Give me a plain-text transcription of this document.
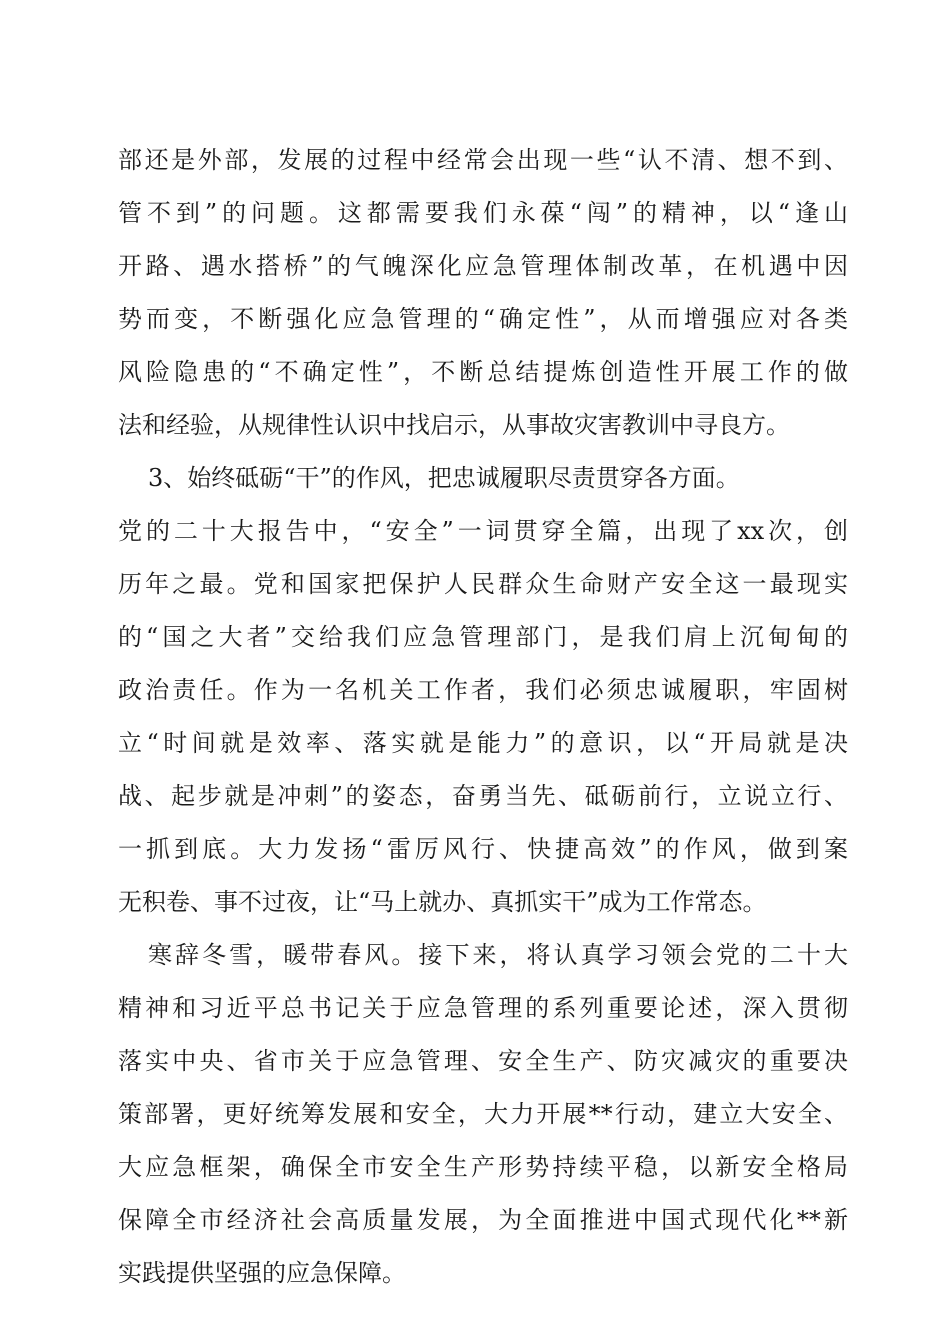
部还是外部，发展的过程中经常会出现一些“认不清、想不到、
管不到”的问题。这都需要我们永葆“闯”的精神，以“逢山
开路、遇水搭桥”的气魄深化应急管理体制改革，在机遇中因
势而变，不断强化应急管理的“确定性”，从而增强应对各类
风险隐患的“不确定性”，不断总结提炼创造性开展工作的做
法和经验，从规律性认识中找启示，从事故灾害教训中寻良方。
3、始终砥砺“干”的作风，把忠诚履职尽责贯穿各方面。
党的二十大报告中，“安全”一词贯穿全篇，出现了xx次，创
历年之最。党和国家把保护人民群众生命财产安全这一最现实
的“国之大者”交给我们应急管理部门，是我们肩上沉甸甸的
政治责任。作为一名机关工作者，我们必须忠诚履职，牢固树
立“时间就是效率、落实就是能力”的意识，以“开局就是决
战、起步就是冲刺”的姿态，奋勇当先、砥砺前行，立说立行、
一抓到底。大力发扬“雷厉风行、快捷高效”的作风，做到案
无积卷、事不过夜，让“马上就办、真抓实干”成为工作常态。
寒辞冬雪，暖带春风。接下来，将认真学习领会党的二十大
精神和习近平总书记关于应急管理的系列重要论述，深入贯彻
落实中央、省市关于应急管理、安全生产、防灾减灾的重要决
策部署，更好统筹发展和安全，大力开展**行动，建立大安全、
大应急框架，确保全市安全生产形势持续平稳，以新安全格局
保障全市经济社会高质量发展，为全面推进中国式现代化**新
实践提供坚强的应急保障。
